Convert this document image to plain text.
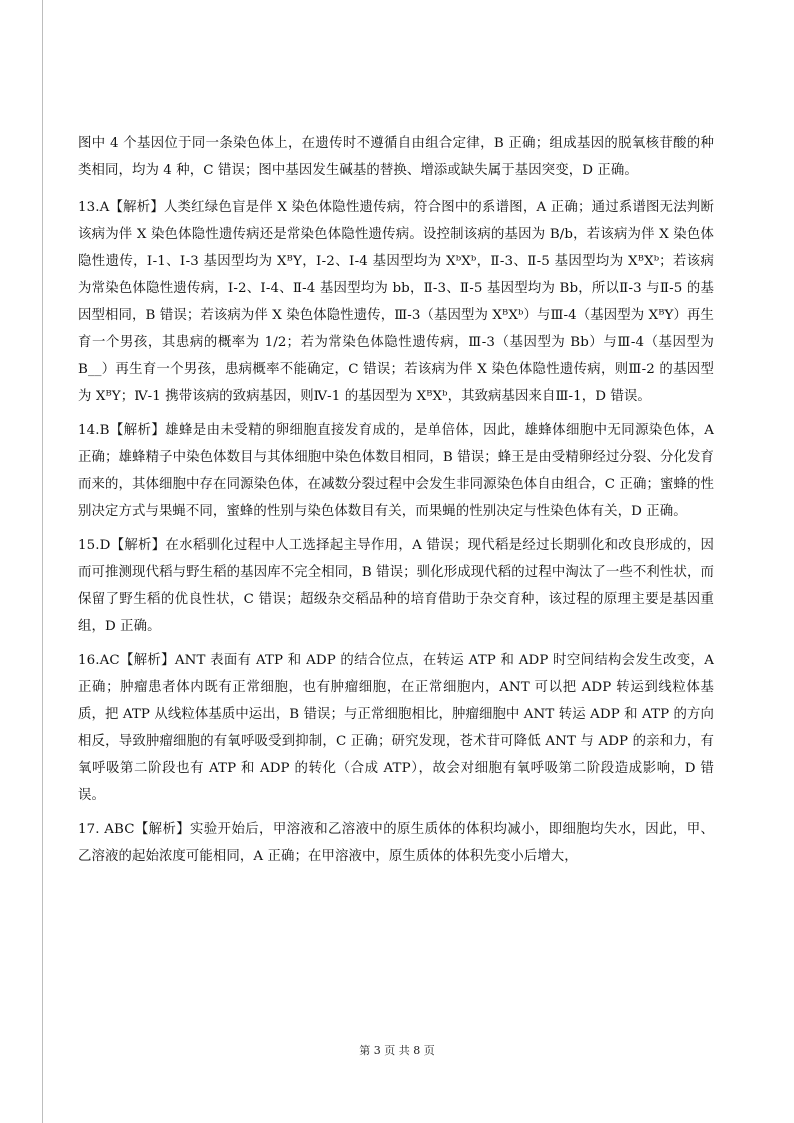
图中 4 个基因位于同一条染色体上，在遗传时不遵循自由组合定律，B 正确；组成基因的脱氧核苷酸的种类相同，均为 4 种，C 错误；图中基因发生碱基的替换、增添或缺失属于基因突变，D 正确。

13.A【解析】人类红绿色盲是伴 X 染色体隐性遗传病，符合图中的系谱图，A 正确；通过系谱图无法判断该病为伴 X 染色体隐性遗传病还是常染色体隐性遗传病。设控制该病的基因为 B/b，若该病为伴 X 染色体隐性遗传，Ⅰ-1、Ⅰ-3 基因型均为 XᴮY，Ⅰ-2、Ⅰ-4 基因型均为 XᵇXᵇ，Ⅱ-3、Ⅱ-5 基因型均为 XᴮXᵇ；若该病为常染色体隐性遗传病，Ⅰ-2、Ⅰ-4、Ⅱ-4 基因型均为 bb，Ⅱ-3、Ⅱ-5 基因型均为 Bb，所以Ⅱ-3 与Ⅱ-5 的基因型相同，B 错误；若该病为伴 X 染色体隐性遗传，Ⅲ-3（基因型为 XᴮXᵇ）与Ⅲ-4（基因型为 XᴮY）再生育一个男孩，其患病的概率为 1/2；若为常染色体隐性遗传病，Ⅲ-3（基因型为 Bb）与Ⅲ-4（基因型为 B__）再生育一个男孩，患病概率不能确定，C 错误；若该病为伴 X 染色体隐性遗传病，则Ⅲ-2 的基因型为 XᴮY；Ⅳ-1 携带该病的致病基因，则Ⅳ-1 的基因型为 XᴮXᵇ，其致病基因来自Ⅲ-1，D 错误。

14.B【解析】雄蜂是由未受精的卵细胞直接发育成的，是单倍体，因此，雄蜂体细胞中无同源染色体，A 正确；雄蜂精子中染色体数目与其体细胞中染色体数目相同，B 错误；蜂王是由受精卵经过分裂、分化发育而来的，其体细胞中存在同源染色体，在减数分裂过程中会发生非同源染色体自由组合，C 正确；蜜蜂的性别决定方式与果蝇不同，蜜蜂的性别与染色体数目有关，而果蝇的性别决定与性染色体有关，D 正确。

15.D【解析】在水稻驯化过程中人工选择起主导作用，A 错误；现代稻是经过长期驯化和改良形成的，因而可推测现代稻与野生稻的基因库不完全相同，B 错误；驯化形成现代稻的过程中淘汰了一些不利性状，而保留了野生稻的优良性状，C 错误；超级杂交稻品种的培育借助于杂交育种，该过程的原理主要是基因重组，D 正确。

16.AC【解析】ANT 表面有 ATP 和 ADP 的结合位点，在转运 ATP 和 ADP 时空间结构会发生改变，A 正确；肿瘤患者体内既有正常细胞，也有肿瘤细胞，在正常细胞内，ANT 可以把 ADP 转运到线粒体基质，把 ATP 从线粒体基质中运出，B 错误；与正常细胞相比，肿瘤细胞中 ANT 转运 ADP 和 ATP 的方向相反，导致肿瘤细胞的有氧呼吸受到抑制，C 正确；研究发现，苍术苷可降低 ANT 与 ADP 的亲和力，有氧呼吸第二阶段也有 ATP 和 ADP 的转化（合成 ATP），故会对细胞有氧呼吸第二阶段造成影响，D 错误。

17. ABC【解析】实验开始后，甲溶液和乙溶液中的原生质体的体积均减小，即细胞均失水，因此，甲、乙溶液的起始浓度可能相同，A 正确；在甲溶液中，原生质体的体积先变小后增大，

第 3 页 共 8 页
